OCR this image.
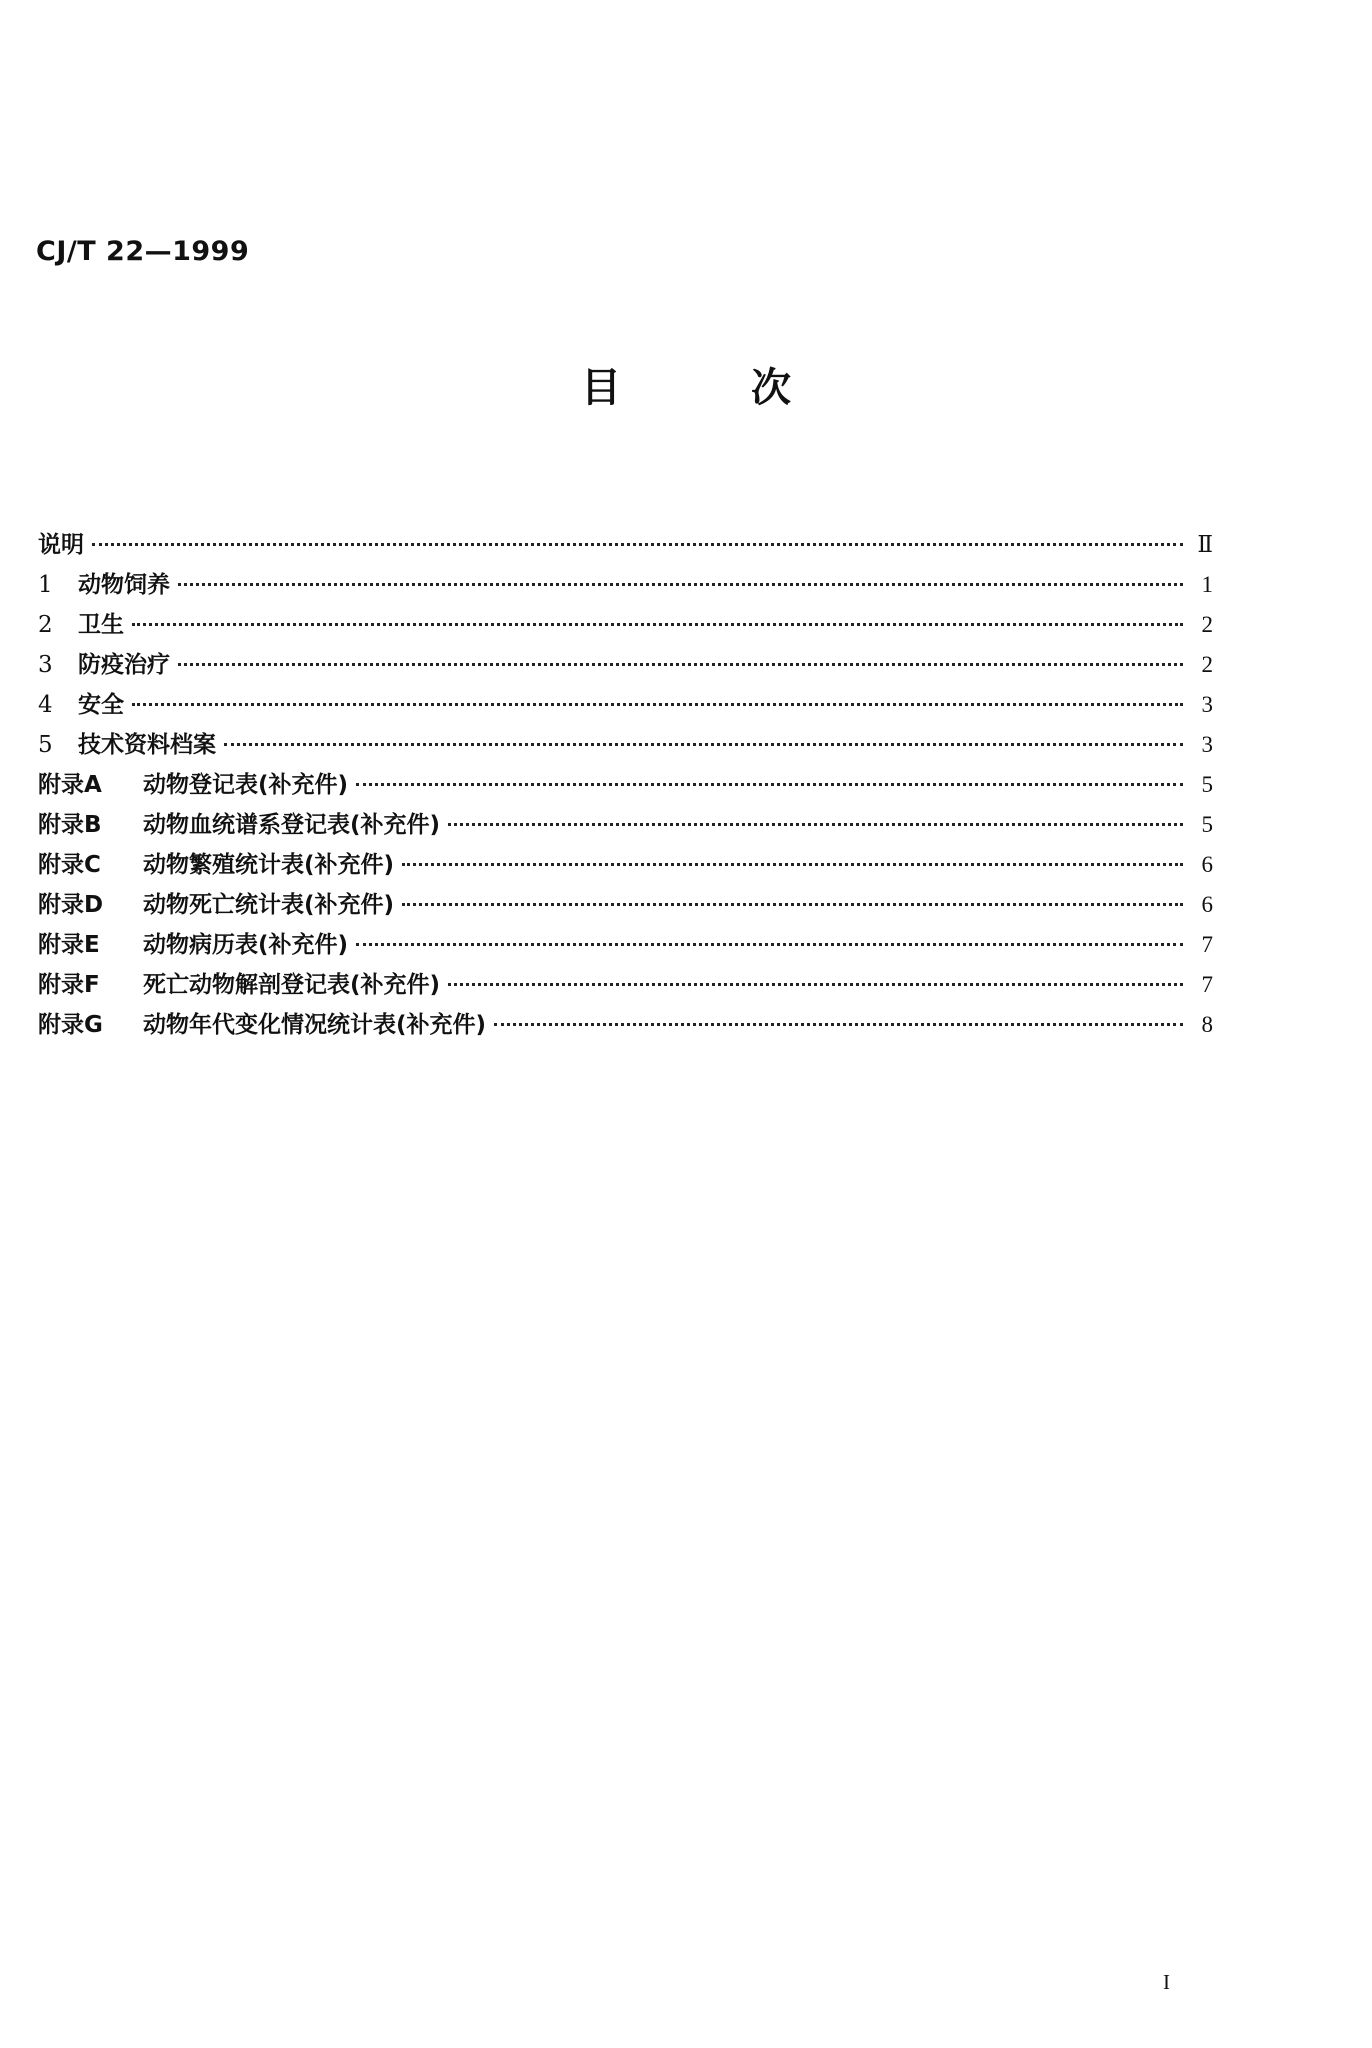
CJ/T 22—1999
目	次
说明	Ⅱ
1	动物饲养	1
2	卫生	2
3	防疫治疗	2
4	安全	3
5	技术资料档案	3
附录A	动物登记表(补充件)	5
附录B	动物血统谱系登记表(补充件)	5
附录C	动物繁殖统计表(补充件)	6
附录D	动物死亡统计表(补充件)	6
附录E	动物病历表(补充件)	7
附录F	死亡动物解剖登记表(补充件)	7
附录G	动物年代变化情况统计表(补充件)	8
I
